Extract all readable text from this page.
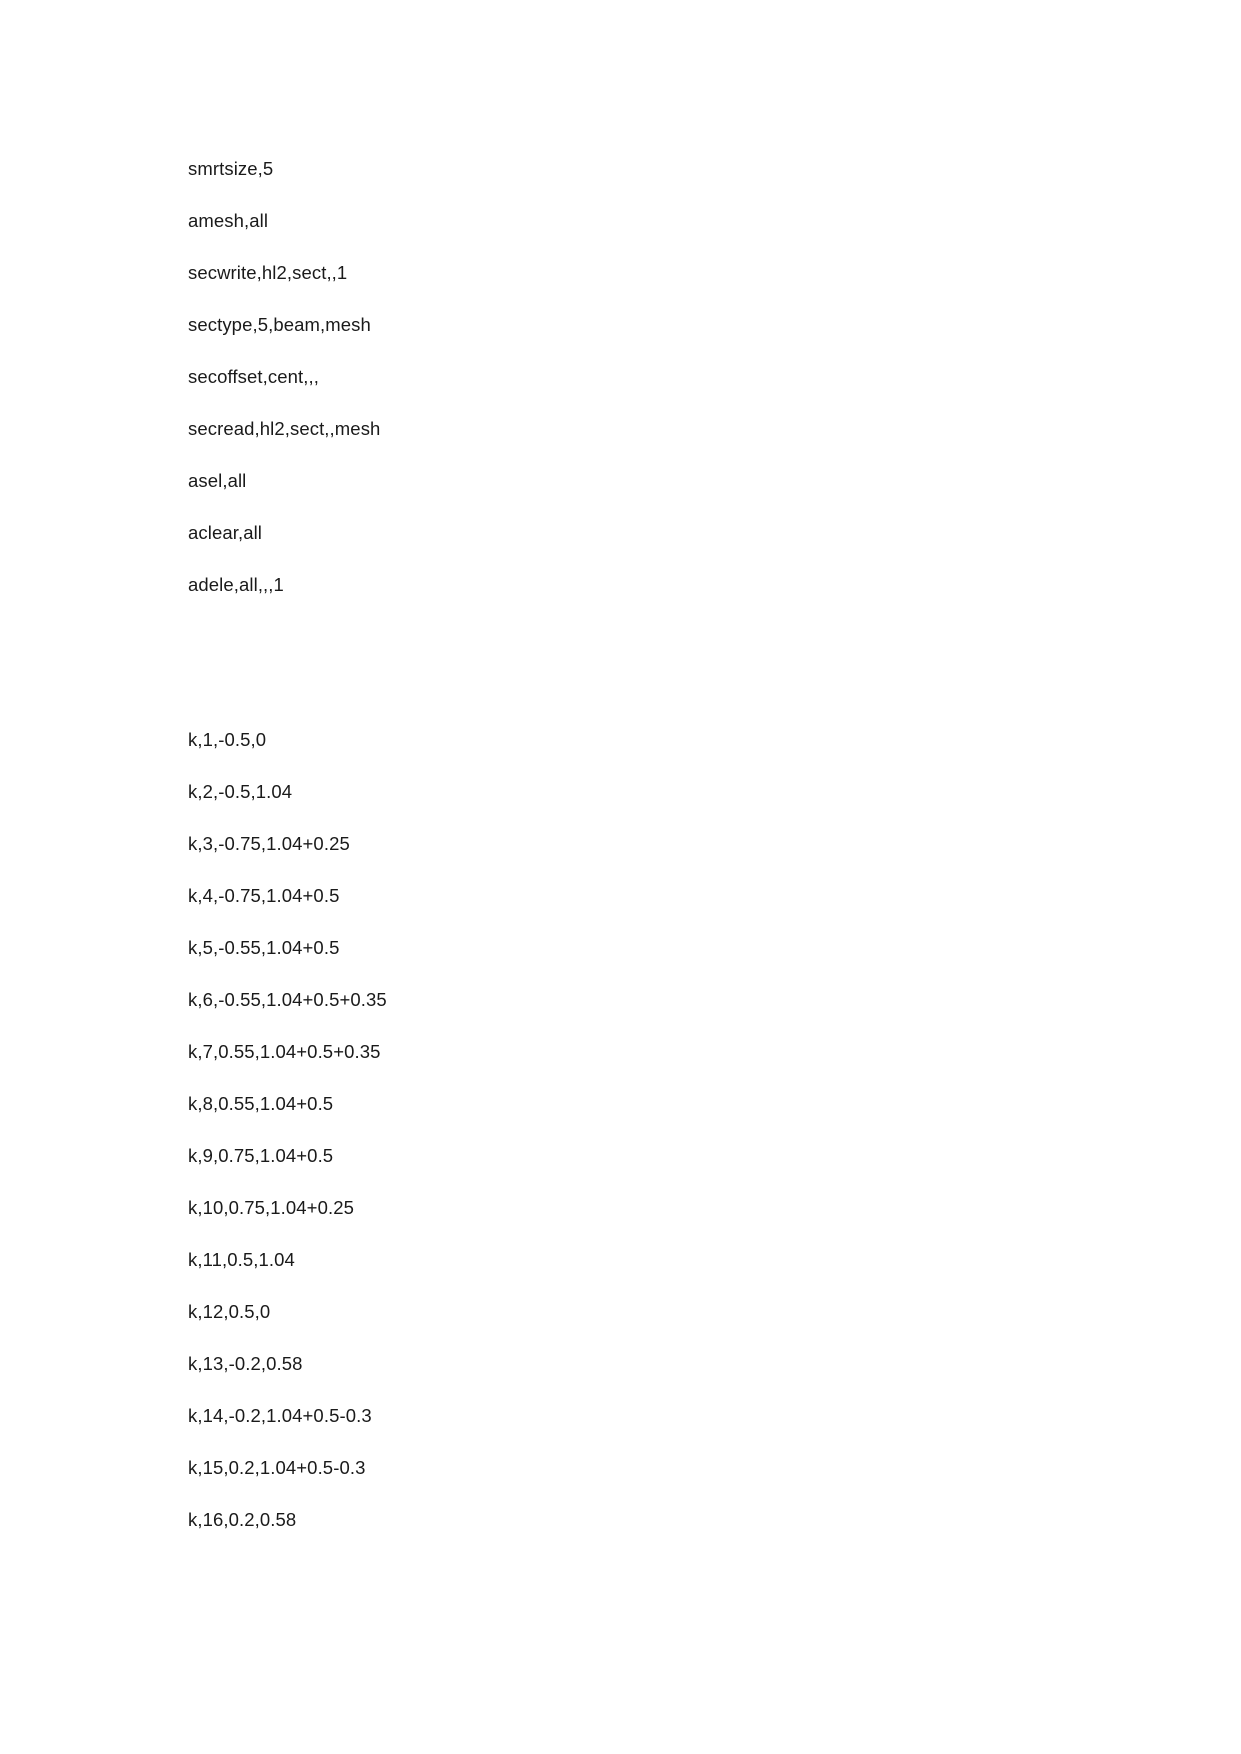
smrtsize,5
amesh,all
secwrite,hl2,sect,,1
sectype,5,beam,mesh
secoffset,cent,,,
secread,hl2,sect,,mesh
asel,all
aclear,all
adele,all,,,1
k,1,-0.5,0
k,2,-0.5,1.04
k,3,-0.75,1.04+0.25
k,4,-0.75,1.04+0.5
k,5,-0.55,1.04+0.5
k,6,-0.55,1.04+0.5+0.35
k,7,0.55,1.04+0.5+0.35
k,8,0.55,1.04+0.5
k,9,0.75,1.04+0.5
k,10,0.75,1.04+0.25
k,11,0.5,1.04
k,12,0.5,0
k,13,-0.2,0.58
k,14,-0.2,1.04+0.5-0.3
k,15,0.2,1.04+0.5-0.3
k,16,0.2,0.58
